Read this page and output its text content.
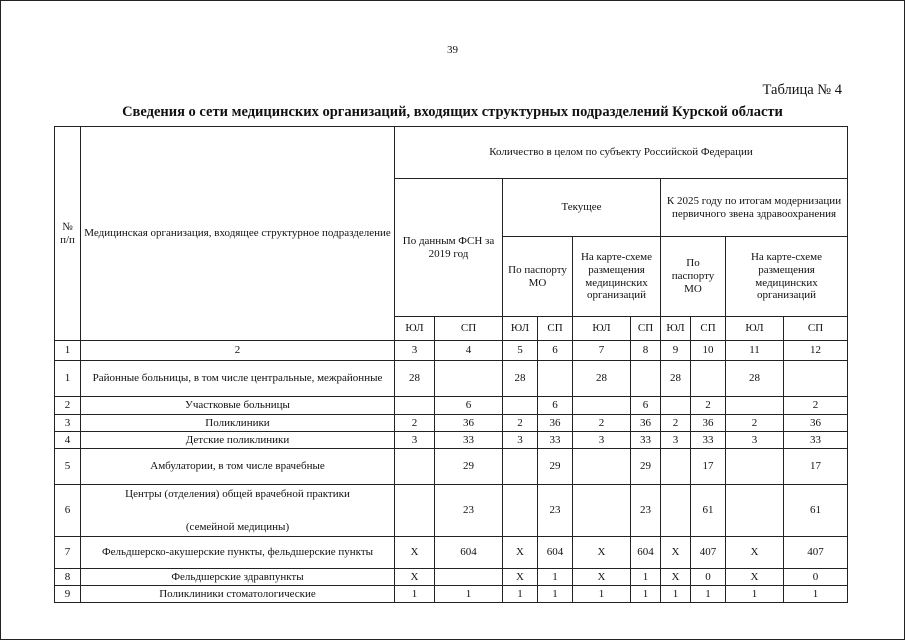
39
Таблица № 4
Сведения о сети медицинских организаций, входящих структурных подразделений Курской области
№ п/п	Медицинская организация, входящее структурное подразделение	Количество в целом по субъекту Российской Федерации									
		По данным ФСН за 2019 год		Текущее				К 2025 году по итогам модернизации первичного звена здравоохранения			
				По паспорту МО		На карте-схеме размещения медицинских организаций		По паспорту МО		На карте-схеме размещения медицинских организаций	
		ЮЛ	СП	ЮЛ	СП	ЮЛ	СП	ЮЛ	СП	ЮЛ	СП
1	2	3	4	5	6	7	8	9	10	11	12
1	Районные больницы, в том числе центральные, межрайонные	28		28		28		28		28	
2	Участковые больницы		6		6		6		2		2
3	Поликлиники	2	36	2	36	2	36	2	36	2	36
4	Детские поликлиники	3	33	3	33	3	33	3	33	3	33
5	Амбулатории, в том числе врачебные		29		29		29		17		17
6	Центры (отделения) общей врачебной практики
(семейной медицины)		23		23		23		61		61
7	Фельдшерско-акушерские пункты, фельдшерские пункты	Х	604	Х	604	Х	604	Х	407	Х	407
8	Фельдшерские здравпункты	Х		Х	1	Х	1	Х	0	Х	0
9	Поликлиники стоматологические	1	1	1	1	1	1	1	1	1	1
